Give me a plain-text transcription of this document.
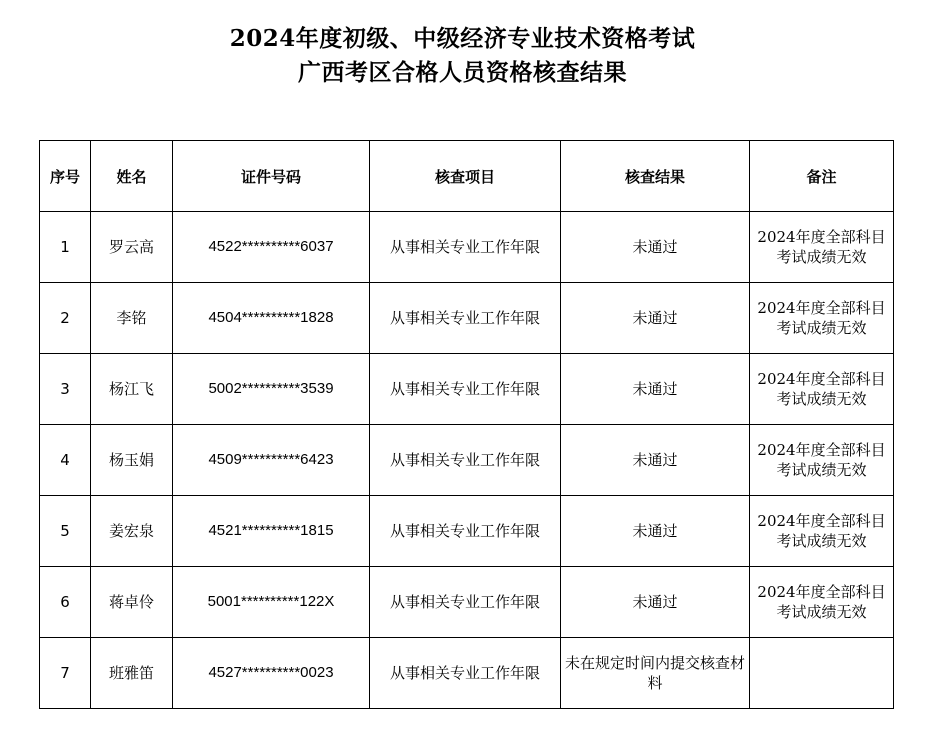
2024年度初级、中级经济专业技术资格考试
广西考区合格人员资格核查结果
序号	姓名	证件号码	核查项目	核查结果	备注
1	罗云高	4522**********6037	从事相关专业工作年限	未通过	2024年度全部科目考试成绩无效
2	李铭	4504**********1828	从事相关专业工作年限	未通过	2024年度全部科目考试成绩无效
3	杨江飞	5002**********3539	从事相关专业工作年限	未通过	2024年度全部科目考试成绩无效
4	杨玉娟	4509**********6423	从事相关专业工作年限	未通过	2024年度全部科目考试成绩无效
5	姜宏泉	4521**********1815	从事相关专业工作年限	未通过	2024年度全部科目考试成绩无效
6	蒋卓伶	5001**********122X	从事相关专业工作年限	未通过	2024年度全部科目考试成绩无效
7	班雅笛	4527**********0023	从事相关专业工作年限	未在规定时间内提交核查材料	
